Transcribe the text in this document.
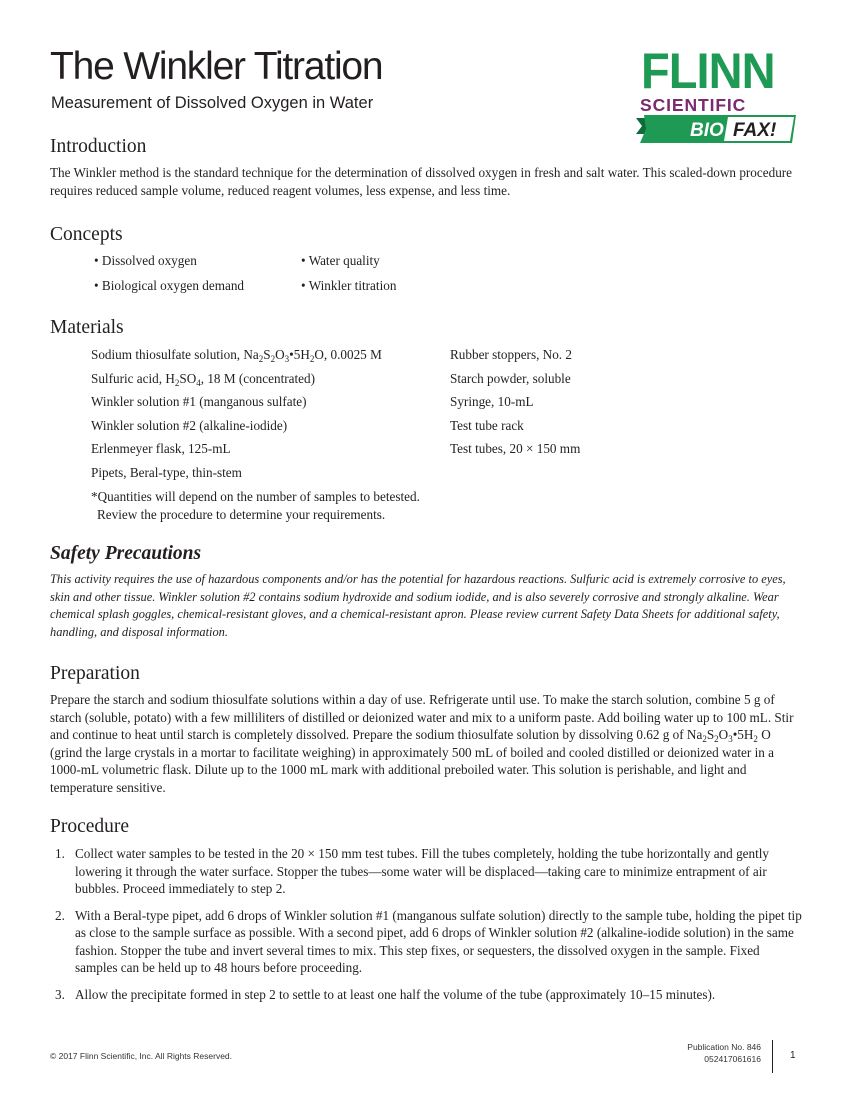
The Winkler Titration
Measurement of Dissolved Oxygen in Water
FLINN
SCIENTIFIC
BIO FAX!
Introduction
The Winkler method is the standard technique for the determination of dissolved oxygen in fresh and salt water. This scaled-down procedure requires reduced sample volume, reduced reagent volumes, less expense, and less time.
Concepts
• Dissolved oxygen
• Biological oxygen demand
• Water quality
• Winkler titration
Materials
Sodium thiosulfate solution, $Na_2S_2O_3•5H_2O$, 0.0025 M
Sulfuric acid, $H_2SO_4$, 18 M (concentrated)
Winkler solution #1 (manganous sulfate)
Winkler solution #2 (alkaline-iodide)
Erlenmeyer flask, 125-mL
Pipets, Beral-type, thin-stem
Rubber stoppers, No. 2
Starch powder, soluble
Syringe, 10-mL
Test tube rack
Test tubes, 20 × 150 mm
*Quantities will depend on the number of samples to betested.
Review the procedure to determine your requirements.
Safety Precautions
This activity requires the use of hazardous components and/or has the potential for hazardous reactions. Sulfuric acid is extremely corrosive to eyes, skin and other tissue. Winkler solution #2 contains sodium hydroxide and sodium iodide, and is also severely corrosive and strongly alkaline. Wear chemical splash goggles, chemical-resistant gloves, and a chemical-resistant apron. Please review current Safety Data Sheets for additional safety, handling, and disposal information.
Preparation
Prepare the starch and sodium thiosulfate solutions within a day of use. Refrigerate until use. To make the starch solution, combine 5 g of starch (soluble, potato) with a few milliliters of distilled or deionized water and mix to a uniform paste. Add boiling water up to 100 mL. Stir and continue to heat until starch is completely dissolved. Prepare the sodium thiosulfate solution by dissolving 0.62 g of $Na_2S_2O_3•5H_2$ O (grind the large crystals in a mortar to facilitate weighing) in approximately 500 mL of boiled and cooled distilled or deionized water in a 1000-mL volumetric flask. Dilute up to the 1000 mL mark with additional preboiled water. This solution is perishable, and light and temperature sensitive.
Procedure
1. Collect water samples to be tested in the 20 × 150 mm test tubes. Fill the tubes completely, holding the tube horizontally and gently lowering it through the water surface. Stopper the tubes—some water will be displaced—taking care to minimize entrapment of air bubbles. Proceed immediately to step 2.
2. With a Beral-type pipet, add 6 drops of Winkler solution #1 (manganous sulfate solution) directly to the sample tube, holding the pipet tip as close to the sample surface as possible. With a second pipet, add 6 drops of Winkler solution #2 (alkaline-iodide solution) in the same fashion. Stopper the tube and invert several times to mix. This step fixes, or sequesters, the dissolved oxygen in the sample. Fixed samples can be held up to 48 hours before proceeding.
3. Allow the precipitate formed in step 2 to settle to at least one half the volume of the tube (approximately 10–15 minutes).
© 2017 Flinn Scientific, Inc. All Rights Reserved.
Publication No. 846
052417061616	1
